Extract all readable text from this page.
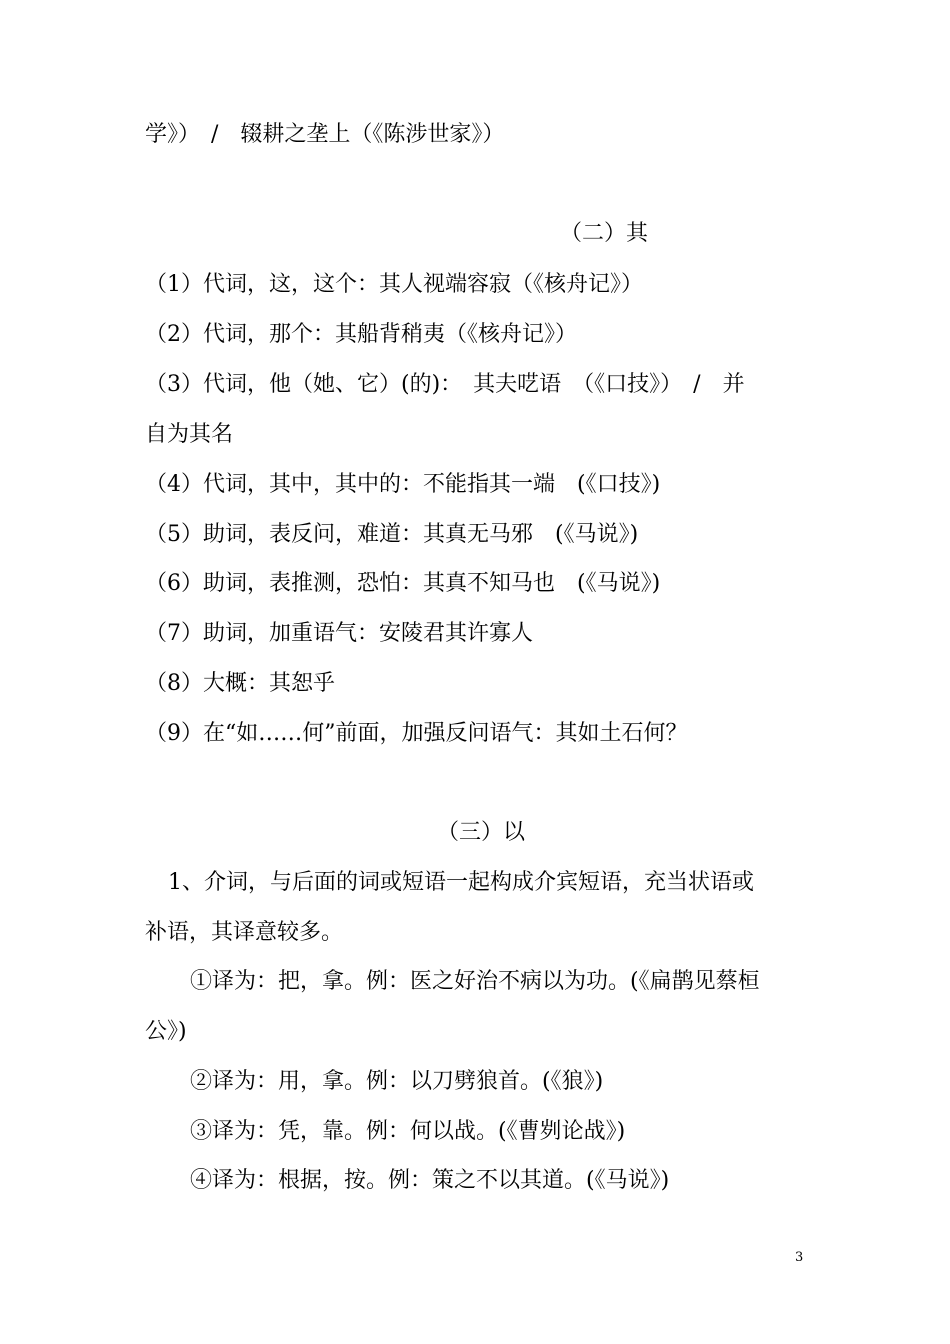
学》）　/　辍耕之垄上（《陈涉世家》）
（二）其
（1）代词，这，这个：其人视端容寂（《核舟记》）
（2）代词，那个：其船背稍夷（《核舟记》）
（3）代词，他（她、它）(的)：　其夫呓语　（《口技》）　/　并
自为其名
（4）代词，其中，其中的：不能指其一端　(《口技》)
（5）助词，表反问，难道：其真无马邪　(《马说》)
（6）助词，表推测，恐怕：其真不知马也　(《马说》)
（7）助词，加重语气：安陵君其许寡人
（8）大概：其恕乎
（9）在“如……何”前面，加强反问语气：其如土石何？
（三）以
1、介词，与后面的词或短语一起构成介宾短语，充当状语或
补语，其译意较多。
①译为：把，拿。例：医之好治不病以为功。(《扁鹊见蔡桓
公》)
②译为：用，拿。例：以刀劈狼首。(《狼》)
③译为：凭，靠。例：何以战。(《曹刿论战》)
④译为：根据，按。例：策之不以其道。(《马说》)
3
